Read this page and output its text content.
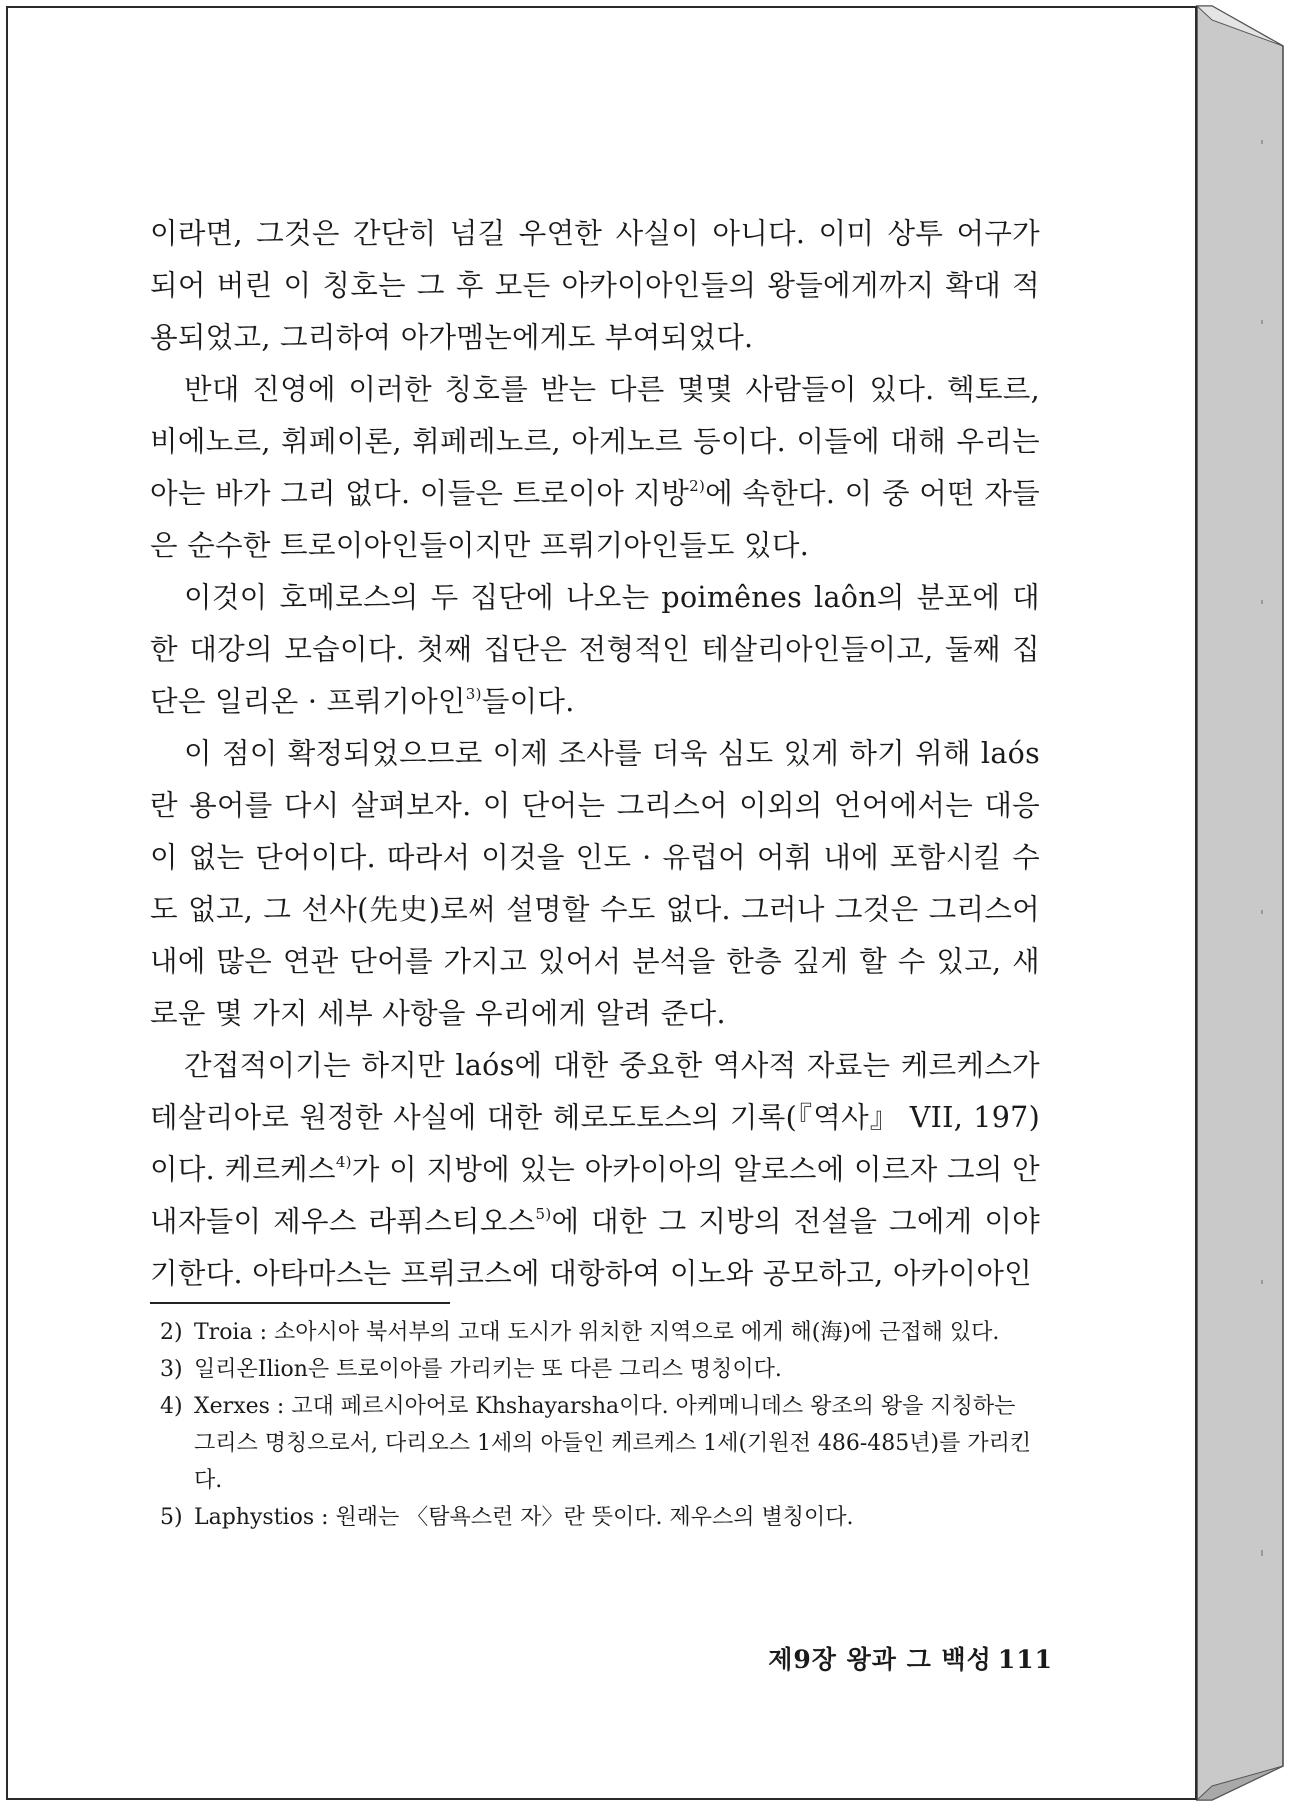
이라면, 그것은 간단히 넘길 우연한 사실이 아니다. 이미 상투 어구가 되어 버린 이 칭호는 그 후 모든 아카이아인들의 왕들에게까지 확대 적용되었고, 그리하여 아가멤논에게도 부여되었다.

반대 진영에 이러한 칭호를 받는 다른 몇몇 사람들이 있다. 헥토르, 비에노르, 휘페이론, 휘페레노르, 아게노르 등이다. 이들에 대해 우리는 아는 바가 그리 없다. 이들은 트로이아 지방$^{2)}$에 속한다. 이 중 어떤 자들은 순수한 트로이아인들이지만 프뤼기아인들도 있다.

이것이 호메로스의 두 집단에 나오는 poimênes laôn의 분포에 대한 대강의 모습이다. 첫째 집단은 전형적인 테살리아인들이고, 둘째 집단은 일리온 · 프뤼기아인$^{3)}$들이다.

이 점이 확정되었으므로 이제 조사를 더욱 심도 있게 하기 위해 laós란 용어를 다시 살펴보자. 이 단어는 그리스어 이외의 언어에서는 대응이 없는 단어이다. 따라서 이것을 인도 · 유럽어 어휘 내에 포함시킬 수도 없고, 그 선사(先史)로써 설명할 수도 없다. 그러나 그것은 그리스어 내에 많은 연관 단어를 가지고 있어서 분석을 한층 깊게 할 수 있고, 새로운 몇 가지 세부 사항을 우리에게 알려 준다.

간접적이기는 하지만 laós에 대한 중요한 역사적 자료는 케르케스가 테살리아로 원정한 사실에 대한 헤로도토스의 기록(『역사』 VII, 197)이다. 케르케스$^{4)}$가 이 지방에 있는 아카이아의 알로스에 이르자 그의 안내자들이 제우스 라퓌스티오스$^{5)}$에 대한 그 지방의 전설을 그에게 이야기한다. 아타마스는 프뤼코스에 대항하여 이노와 공모하고, 아카이아인

2) Troia : 소아시아 북서부의 고대 도시가 위치한 지역으로 에게 해(海)에 근접해 있다.
3) 일리온Ilion은 트로이아를 가리키는 또 다른 그리스 명칭이다.
4) Xerxes : 고대 페르시아어로 Khshayarsha이다. 아케메니데스 왕조의 왕을 지칭하는 그리스 명칭으로서, 다리오스 1세의 아들인 케르케스 1세(기원전 486-485년)를 가리킨다.
5) Laphystios : 원래는 〈탐욕스런 자〉란 뜻이다. 제우스의 별칭이다.
제9장 왕과 그 백성 111
